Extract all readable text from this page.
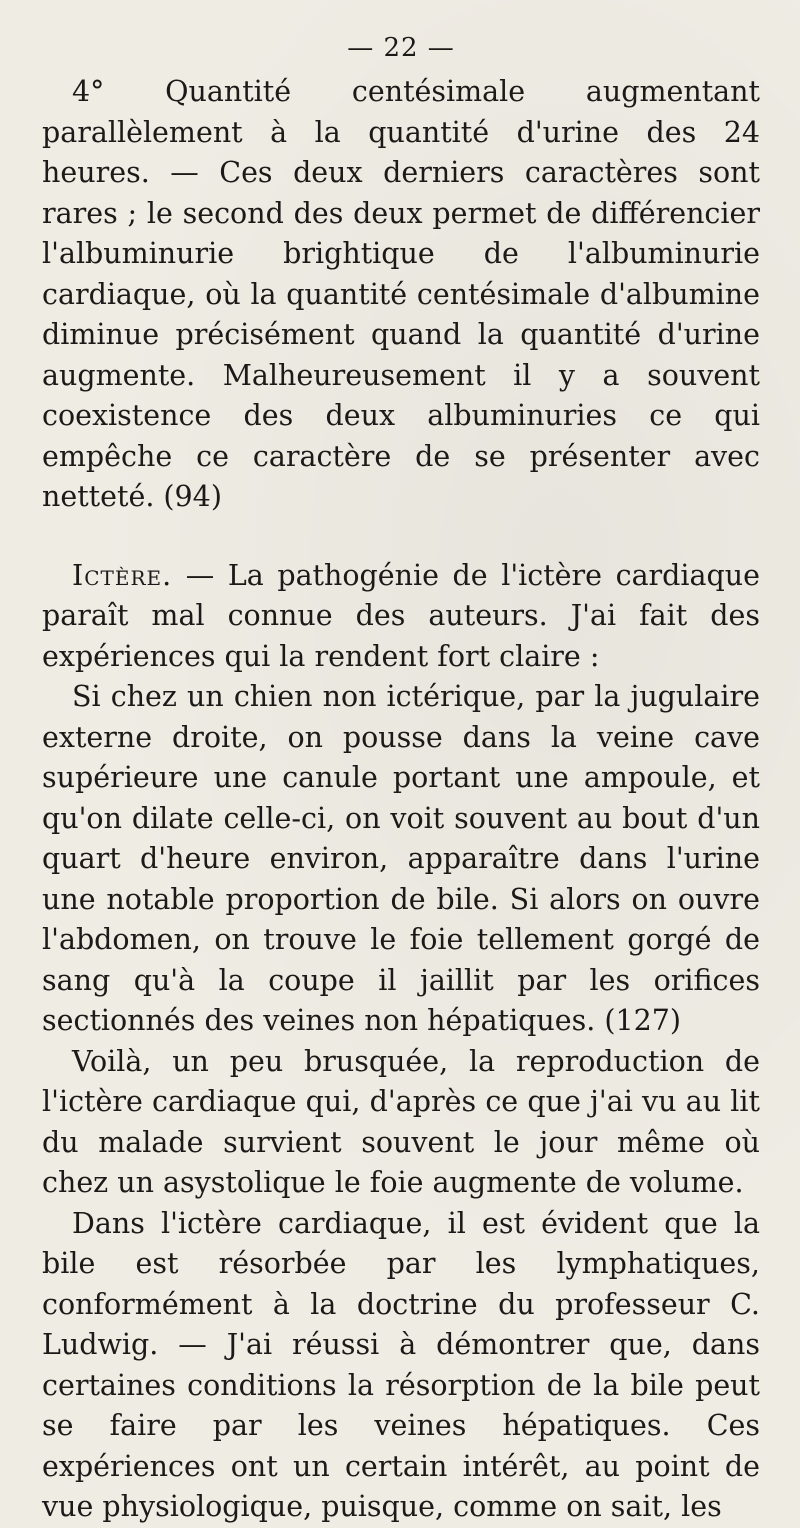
— 22 —

4° Quantité centésimale augmentant parallèlement à la quantité d'urine des 24 heures. — Ces deux derniers caractères sont rares ; le second des deux permet de différencier l'albuminurie brightique de l'albuminurie cardiaque, où la quantité centésimale d'albumine diminue précisément quand la quantité d'urine augmente. Malheureusement il y a souvent coexistence des deux albuminuries ce qui empêche ce caractère de se présenter avec netteté. (94)

Ictère. — La pathogénie de l'ictère cardiaque paraît mal connue des auteurs. J'ai fait des expériences qui la rendent fort claire :

Si chez un chien non ictérique, par la jugulaire externe droite, on pousse dans la veine cave supérieure une canule portant une ampoule, et qu'on dilate celle-ci, on voit souvent au bout d'un quart d'heure environ, apparaître dans l'urine une notable proportion de bile. Si alors on ouvre l'abdomen, on trouve le foie tellement gorgé de sang qu'à la coupe il jaillit par les orifices sectionnés des veines non hépatiques. (127)

Voilà, un peu brusquée, la reproduction de l'ictère cardiaque qui, d'après ce que j'ai vu au lit du malade survient souvent le jour même où chez un asystolique le foie augmente de volume.

Dans l'ictère cardiaque, il est évident que la bile est résorbée par les lymphatiques, conformément à la doctrine du professeur C. Ludwig. — J'ai réussi à démontrer que, dans certaines conditions la résorption de la bile peut se faire par les veines hépatiques. Ces expériences ont un certain intérêt, au point de vue physiologique, puisque, comme on sait, les
